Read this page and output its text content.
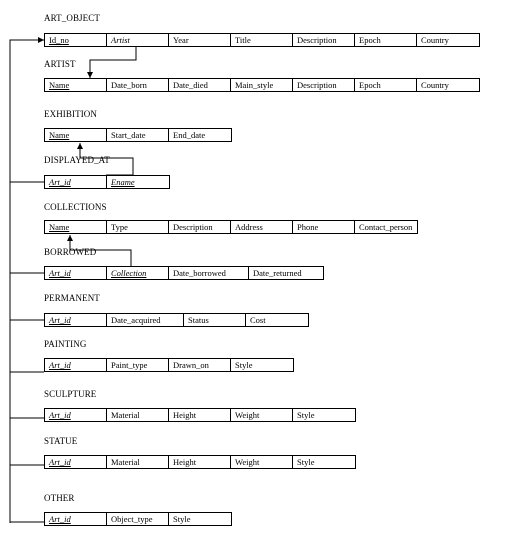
ART_OBJECT
Id_no	Artist	Year	Title	Description	Epoch	Country
ARTIST
Name	Date_born	Date_died	Main_style	Description	Epoch	Country
EXHIBITION
Name	Start_date	End_date
DISPLAYED_AT
Art_id	Ename
COLLECTIONS
Name	Type	Description	Address	Phone	Contact_person
BORROWED
Art_id	Collection	Date_borrowed	Date_returned
PERMANENT
Art_id	Date_acquired	Status	Cost
PAINTING
Art_id	Paint_type	Drawn_on	Style
SCULPTURE
Art_id	Material	Height	Weight	Style
STATUE
Art_id	Material	Height	Weight	Style
OTHER
Art_id	Object_type	Style
